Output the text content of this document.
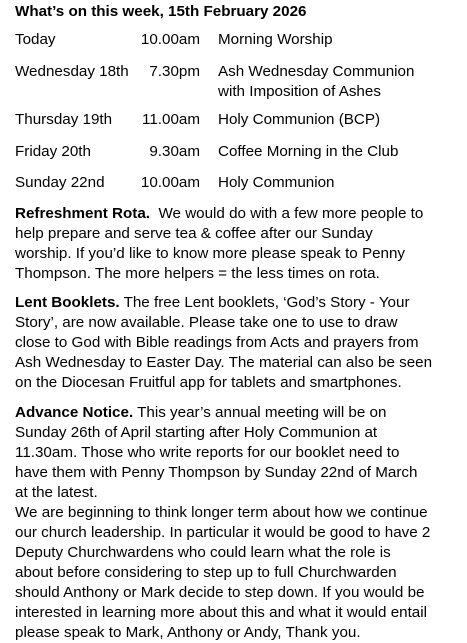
What’s on this week, 15th February 2026
Today	10.00am Morning Worship
Wednesday 18th 7.30pm Ash Wednesday Communion
with Imposition of Ashes
Thursday 19th 11.00am Holy Communion (BCP)
Friday 20th	9.30am Coffee Morning in the Club
Sunday 22nd 10.00am Holy Communion
Refreshment Rota.  We would do with a few more people to
help prepare and serve tea & coffee after our Sunday
worship. If you’d like to know more please speak to Penny
Thompson. The more helpers = the less times on rota.
Lent Booklets. The free Lent booklets, ‘God’s Story - Your
Story’, are now available. Please take one to use to draw
close to God with Bible readings from Acts and prayers from
Ash Wednesday to Easter Day. The material can also be seen
on the Diocesan Fruitful app for tablets and smartphones.
Advance Notice. This year’s annual meeting will be on
Sunday 26th of April starting after Holy Communion at
11.30am. Those who write reports for our booklet need to
have them with Penny Thompson by Sunday 22nd of March
at the latest.
We are beginning to think longer term about how we continue
our church leadership. In particular it would be good to have 2
Deputy Churchwardens who could learn what the role is
about before considering to step up to full Churchwarden
should Anthony or Mark decide to step down. If you would be
interested in learning more about this and what it would entail
please speak to Mark, Anthony or Andy, Thank you.
